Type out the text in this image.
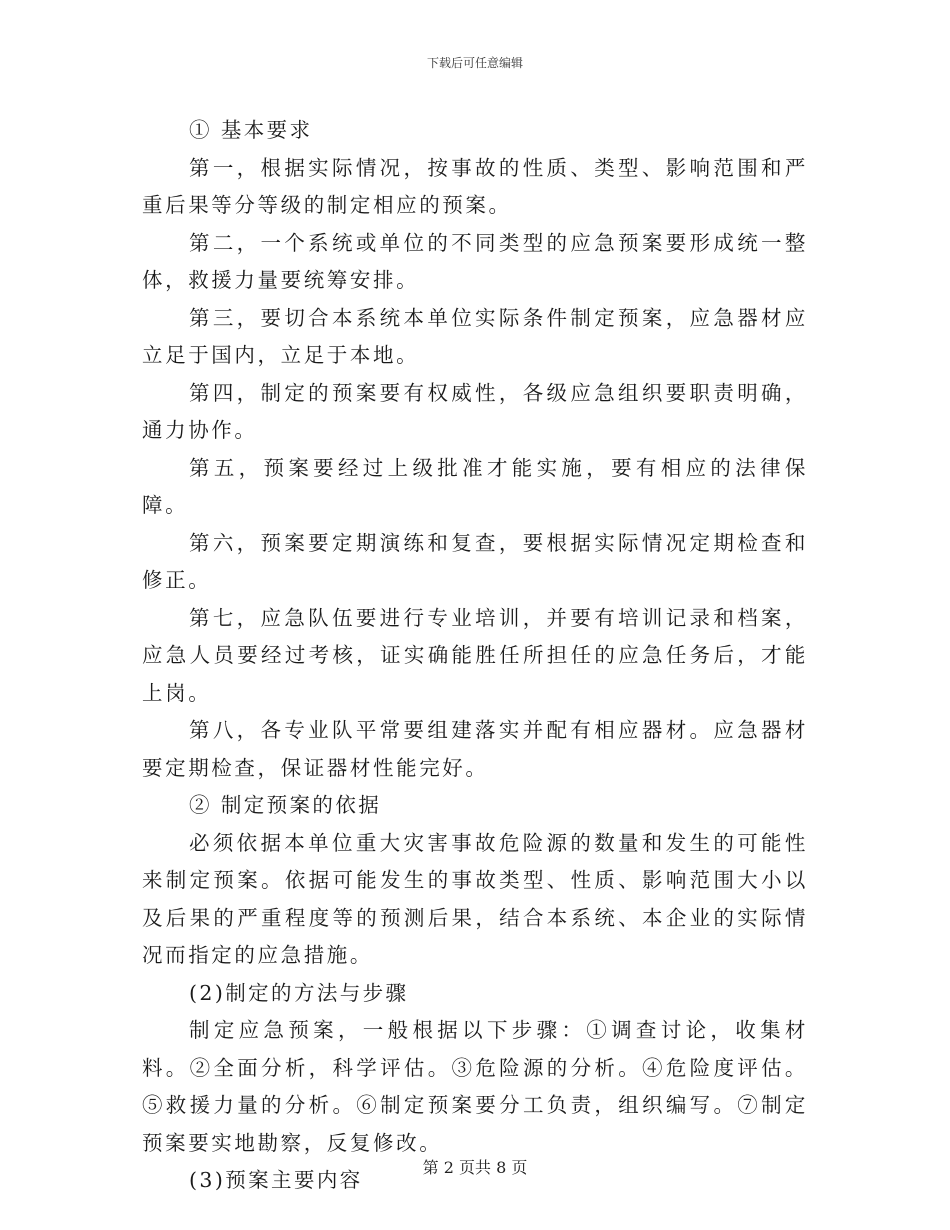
下载后可任意编辑

① 基本要求

第一，根据实际情况，按事故的性质、类型、影响范围和严重后果等分等级的制定相应的预案。

第二，一个系统或单位的不同类型的应急预案要形成统一整体，救援力量要统筹安排。

第三，要切合本系统本单位实际条件制定预案，应急器材应立足于国内，立足于本地。

第四，制定的预案要有权威性，各级应急组织要职责明确，通力协作。

第五，预案要经过上级批准才能实施，要有相应的法律保障。

第六，预案要定期演练和复查，要根据实际情况定期检查和修正。

第七，应急队伍要进行专业培训，并要有培训记录和档案，应急人员要经过考核，证实确能胜任所担任的应急任务后，才能上岗。

第八，各专业队平常要组建落实并配有相应器材。应急器材要定期检查，保证器材性能完好。

② 制定预案的依据

必须依据本单位重大灾害事故危险源的数量和发生的可能性来制定预案。依据可能发生的事故类型、性质、影响范围大小以及后果的严重程度等的预测后果，结合本系统、本企业的实际情况而指定的应急措施。

(2)制定的方法与步骤

制定应急预案，一般根据以下步骤：①调查讨论，收集材料。②全面分析，科学评估。③危险源的分析。④危险度评估。⑤救援力量的分析。⑥制定预案要分工负责，组织编写。⑦制定预案要实地勘察，反复修改。

(3)预案主要内容

第 2 页共 8 页
